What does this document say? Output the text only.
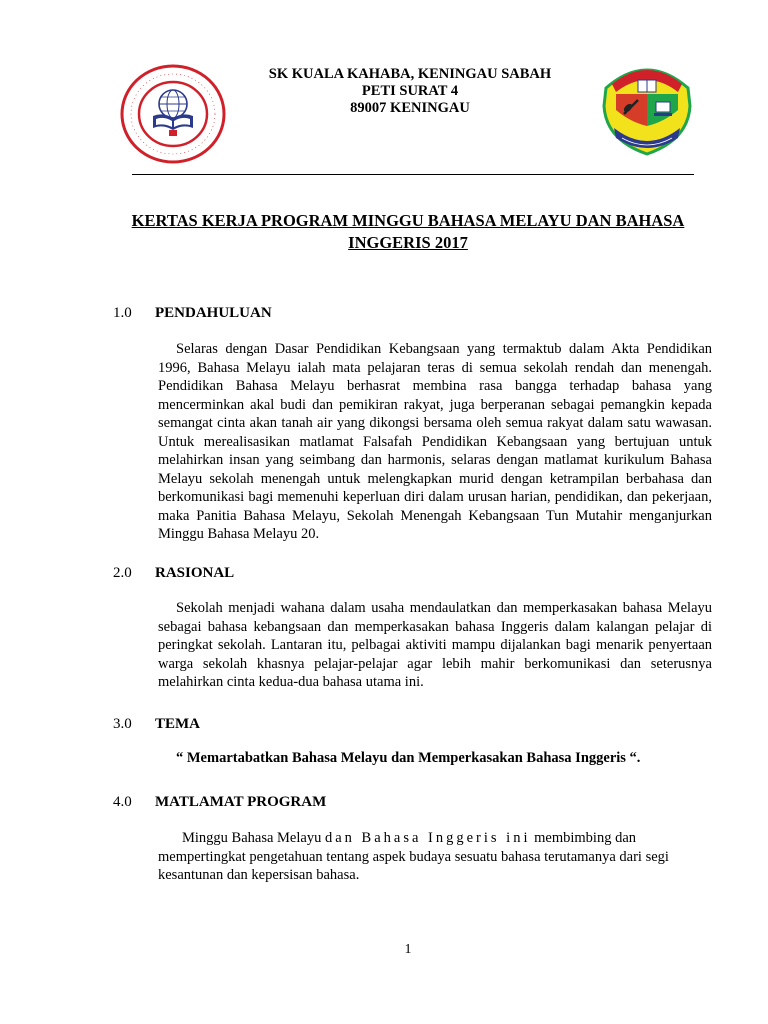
SK KUALA KAHABA, KENINGAU SABAH
PETI SURAT 4
89007 KENINGAU
KERTAS KERJA PROGRAM MINGGU BAHASA MELAYU DAN BAHASA
INGGERIS 2017
1.0 PENDAHULUAN
Selaras dengan Dasar Pendidikan Kebangsaan yang termaktub dalam Akta Pendidikan 1996, Bahasa Melayu ialah mata pelajaran teras di semua sekolah rendah dan menengah. Pendidikan Bahasa Melayu berhasrat membina rasa bangga terhadap bahasa yang mencerminkan akal budi dan pemikiran rakyat, juga berperanan sebagai pemangkin kepada semangat cinta akan tanah air yang dikongsi bersama oleh semua rakyat dalam satu wawasan. Untuk merealisasikan matlamat Falsafah Pendidikan Kebangsaan yang bertujuan untuk melahirkan insan yang seimbang dan harmonis, selaras dengan matlamat kurikulum Bahasa Melayu sekolah menengah untuk melengkapkan murid dengan ketrampilan berbahasa dan berkomunikasi bagi memenuhi keperluan diri dalam urusan harian, pendidikan, dan pekerjaan, maka Panitia Bahasa Melayu, Sekolah Menengah Kebangsaan Tun Mutahir menganjurkan Minggu Bahasa Melayu 20.
2.0 RASIONAL
Sekolah menjadi wahana dalam usaha mendaulatkan dan memperkasakan bahasa Melayu sebagai bahasa kebangsaan dan memperkasakan bahasa Inggeris dalam kalangan pelajar di peringkat sekolah. Lantaran itu, pelbagai aktiviti mampu dijalankan bagi menarik penyertaan warga sekolah khasnya pelajar-pelajar agar lebih mahir berkomunikasi dan seterusnya melahirkan cinta kedua-dua bahasa utama ini.
3.0 TEMA
“ Memartabatkan Bahasa Melayu dan Memperkasakan Bahasa Inggeris “.
4.0 MATLAMAT PROGRAM
Minggu Bahasa Melayu dan Bahasa Inggeris ini membimbing dan
mempertingkat pengetahuan tentang aspek budaya sesuatu bahasa terutamanya dari segi
kesantunan dan kepersisan bahasa.
1
